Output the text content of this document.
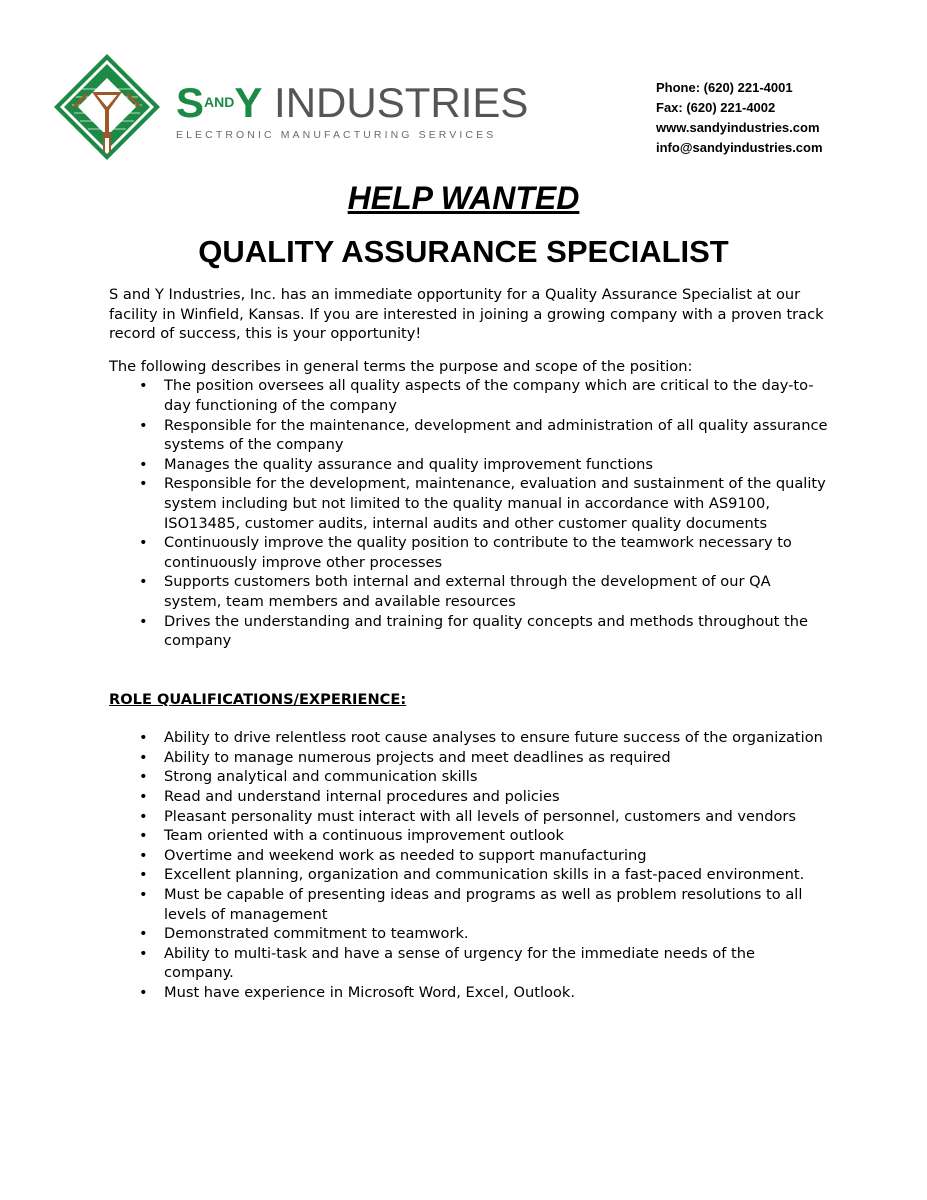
$S^{AND}Y$ INDUSTRIES
ELECTRONIC MANUFACTURING SERVICES
Phone: (620) 221-4001
Fax: (620) 221-4002
www.sandyindustries.com
info@sandyindustries.com
HELP WANTED
QUALITY ASSURANCE SPECIALIST

S and Y Industries, Inc. has an immediate opportunity for a Quality Assurance Specialist at our facility in Winfield, Kansas. If you are interested in joining a growing company with a proven track record of success, this is your opportunity!

The following describes in general terms the purpose and scope of the position:

• The position oversees all quality aspects of the company which are critical to the day-to-day functioning of the company
• Responsible for the maintenance, development and administration of all quality assurance systems of the company
• Manages the quality assurance and quality improvement functions
• Responsible for the development, maintenance, evaluation and sustainment of the quality system including but not limited to the quality manual in accordance with AS9100, ISO13485, customer audits, internal audits and other customer quality documents
• Continuously improve the quality position to contribute to the teamwork necessary to continuously improve other processes
• Supports customers both internal and external through the development of our QA system, team members and available resources
• Drives the understanding and training for quality concepts and methods throughout the company

ROLE QUALIFICATIONS/EXPERIENCE:

• Ability to drive relentless root cause analyses to ensure future success of the organization
• Ability to manage numerous projects and meet deadlines as required
• Strong analytical and communication skills
• Read and understand internal procedures and policies
• Pleasant personality must interact with all levels of personnel, customers and vendors
• Team oriented with a continuous improvement outlook
• Overtime and weekend work as needed to support manufacturing
• Excellent planning, organization and communication skills in a fast-paced environment.
• Must be capable of presenting ideas and programs as well as problem resolutions to all levels of management
• Demonstrated commitment to teamwork.
• Ability to multi-task and have a sense of urgency for the immediate needs of the company.
• Must have experience in Microsoft Word, Excel, Outlook.
